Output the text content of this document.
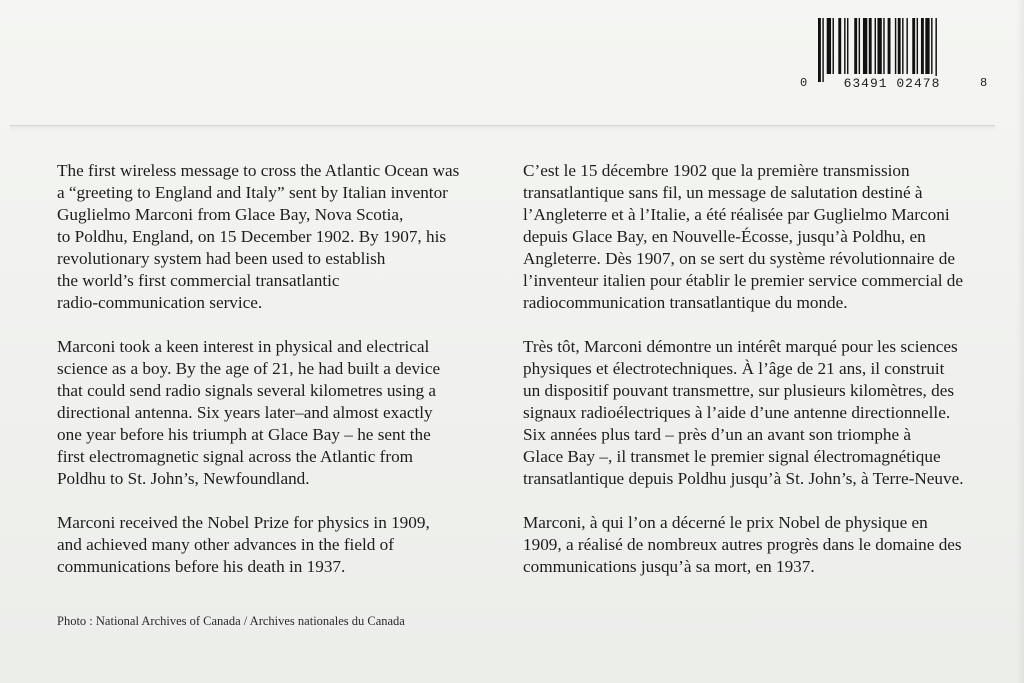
0	63491 02478	8

The first wireless message to cross the Atlantic Ocean was
a “greeting to England and Italy” sent by Italian inventor
Guglielmo Marconi from Glace Bay, Nova Scotia,
to Poldhu, England, on 15 December 1902. By 1907, his
revolutionary system had been used to establish
the world’s first commercial transatlantic
radio-communication service.

Marconi took a keen interest in physical and electrical
science as a boy. By the age of 21, he had built a device
that could send radio signals several kilometres using a
directional antenna. Six years later–and almost exactly
one year before his triumph at Glace Bay – he sent the
first electromagnetic signal across the Atlantic from
Poldhu to St. John’s, Newfoundland.

Marconi received the Nobel Prize for physics in 1909,
and achieved many other advances in the field of
communications before his death in 1937.

C’est le 15 décembre 1902 que la première transmission
transatlantique sans fil, un message de salutation destiné à
l’Angleterre et à l’Italie, a été réalisée par Guglielmo Marconi
depuis Glace Bay, en Nouvelle-Écosse, jusqu’à Poldhu, en
Angleterre. Dès 1907, on se sert du système révolutionnaire de
l’inventeur italien pour établir le premier service commercial de
radiocommunication transatlantique du monde.

Très tôt, Marconi démontre un intérêt marqué pour les sciences
physiques et électrotechniques. À l’âge de 21 ans, il construit
un dispositif pouvant transmettre, sur plusieurs kilomètres, des
signaux radioélectriques à l’aide d’une antenne directionnelle.
Six années plus tard – près d’un an avant son triomphe à
Glace Bay –, il transmet le premier signal électromagnétique
transatlantique depuis Poldhu jusqu’à St. John’s, à Terre-Neuve.

Marconi, à qui l’on a décerné le prix Nobel de physique en
1909, a réalisé de nombreux autres progrès dans le domaine des
communications jusqu’à sa mort, en 1937.

Photo : National Archives of Canada / Archives nationales du Canada
